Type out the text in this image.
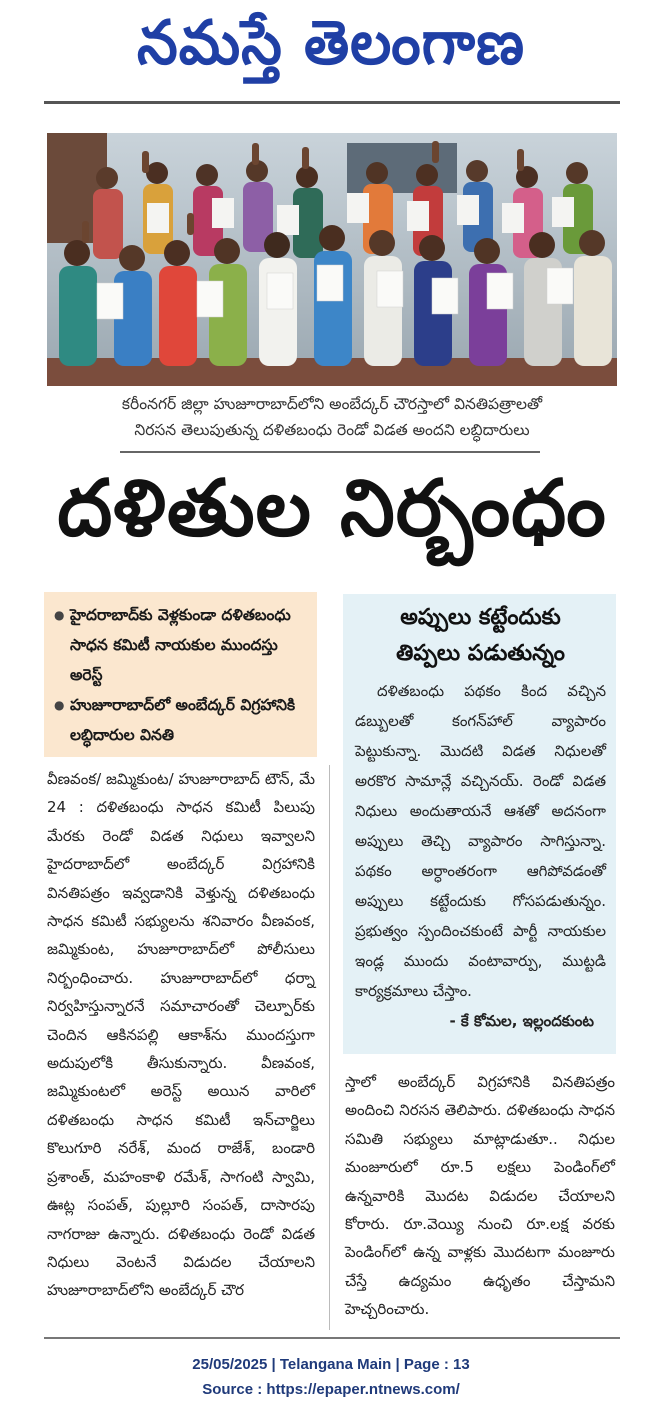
నమస్తే తెలంగాణ
కరీంనగర్ జిల్లా హుజూరాబాద్‌లోని అంబేద్కర్ చౌరస్తాలో వినతిపత్రాలతో
నిరసన తెలుపుతున్న దళితబంధు రెండో విడత అందని లబ్ధిదారులు
దళితుల నిర్బంధం
● హైదరాబాద్‌కు వెళ్లకుండా దళితబంధు సాధన కమిటీ నాయకుల ముందస్తు అరెస్ట్
● హుజూరాబాద్‌లో అంబేద్కర్ విగ్రహానికి లబ్ధిదారుల వినతి
అప్పులు కట్టేందుకు
తిప్పలు పడుతున్నం
దళితబంధు పథకం కింద వచ్చిన డబ్బులతో కంగన్‌హాల్ వ్యాపారం పెట్టుకున్నా. మొదటి విడత నిధులతో అరకొర సామాన్లే వచ్చినయ్. రెండో విడత నిధులు అందుతాయనే ఆశతో అదనంగా అప్పులు తెచ్చి వ్యాపారం సాగిస్తున్నా. పథకం అర్ధాంతరంగా ఆగిపోవడంతో అప్పులు కట్టేందుకు గోసపడుతున్నం. ప్రభుత్వం స్పందించకుంటే పార్టీ నాయకుల ఇండ్ల ముందు వంటావార్పు, ముట్టడి కార్యక్రమాలు చేస్తాం.
- కే కోమల, ఇల్లందకుంట
వీణవంక/ జమ్మికుంట/ హుజూరాబాద్ టౌన్, మే 24 : దళితబంధు సాధన కమిటీ పిలుపు మేరకు రెండో విడత నిధులు ఇవ్వాలని హైదరాబాద్‌లో అంబేద్కర్ విగ్రహానికి వినతిపత్రం ఇవ్వడానికి వెళ్తున్న దళితబంధు సాధన కమిటీ సభ్యులను శనివారం వీణవంక, జమ్మికుంట, హుజూరాబాద్‌లో పోలీసులు నిర్బంధించారు. హుజూరాబాద్‌లో ధర్నా నిర్వహిస్తున్నారనే సమాచారంతో చెల్పూర్‌కు చెందిన ఆకినపల్లి ఆకాశ్‌ను ముందస్తుగా అదుపులోకి తీసుకున్నారు. వీణవంక, జమ్మికుంటలో అరెస్ట్ అయిన వారిలో దళితబంధు సాధన కమిటీ ఇన్‌చార్జిలు కొలుగూరి నరేశ్, మంద రాజేశ్, బండారి ప్రశాంత్, మహంకాళి రమేశ్, సాగంటి స్వామి, ఊట్ల సంపత్, పుల్లూరి సంపత్, దాసారపు నాగరాజు ఉన్నారు. దళితబంధు రెండో విడత నిధులు వెంటనే విడుదల చేయాలని హుజూరాబాద్‌లోని అంబేద్కర్ చౌర
స్తాలో అంబేద్కర్ విగ్రహానికి వినతిపత్రం అందించి నిరసన తెలిపారు. దళితబంధు సాధన సమితి సభ్యులు మాట్లాడుతూ.. నిధుల మంజూరులో రూ.5 లక్షలు పెండింగ్‌లో ఉన్నవారికి మొదట విడుదల చేయాలని కోరారు. రూ.వెయ్యి నుంచి రూ.లక్ష వరకు పెండింగ్‌లో ఉన్న వాళ్లకు మొదటగా మంజూరు చేస్తే ఉద్యమం ఉధృతం చేస్తామని హెచ్చరించారు.
25/05/2025 | Telangana Main | Page : 13
Source : https://epaper.ntnews.com/
